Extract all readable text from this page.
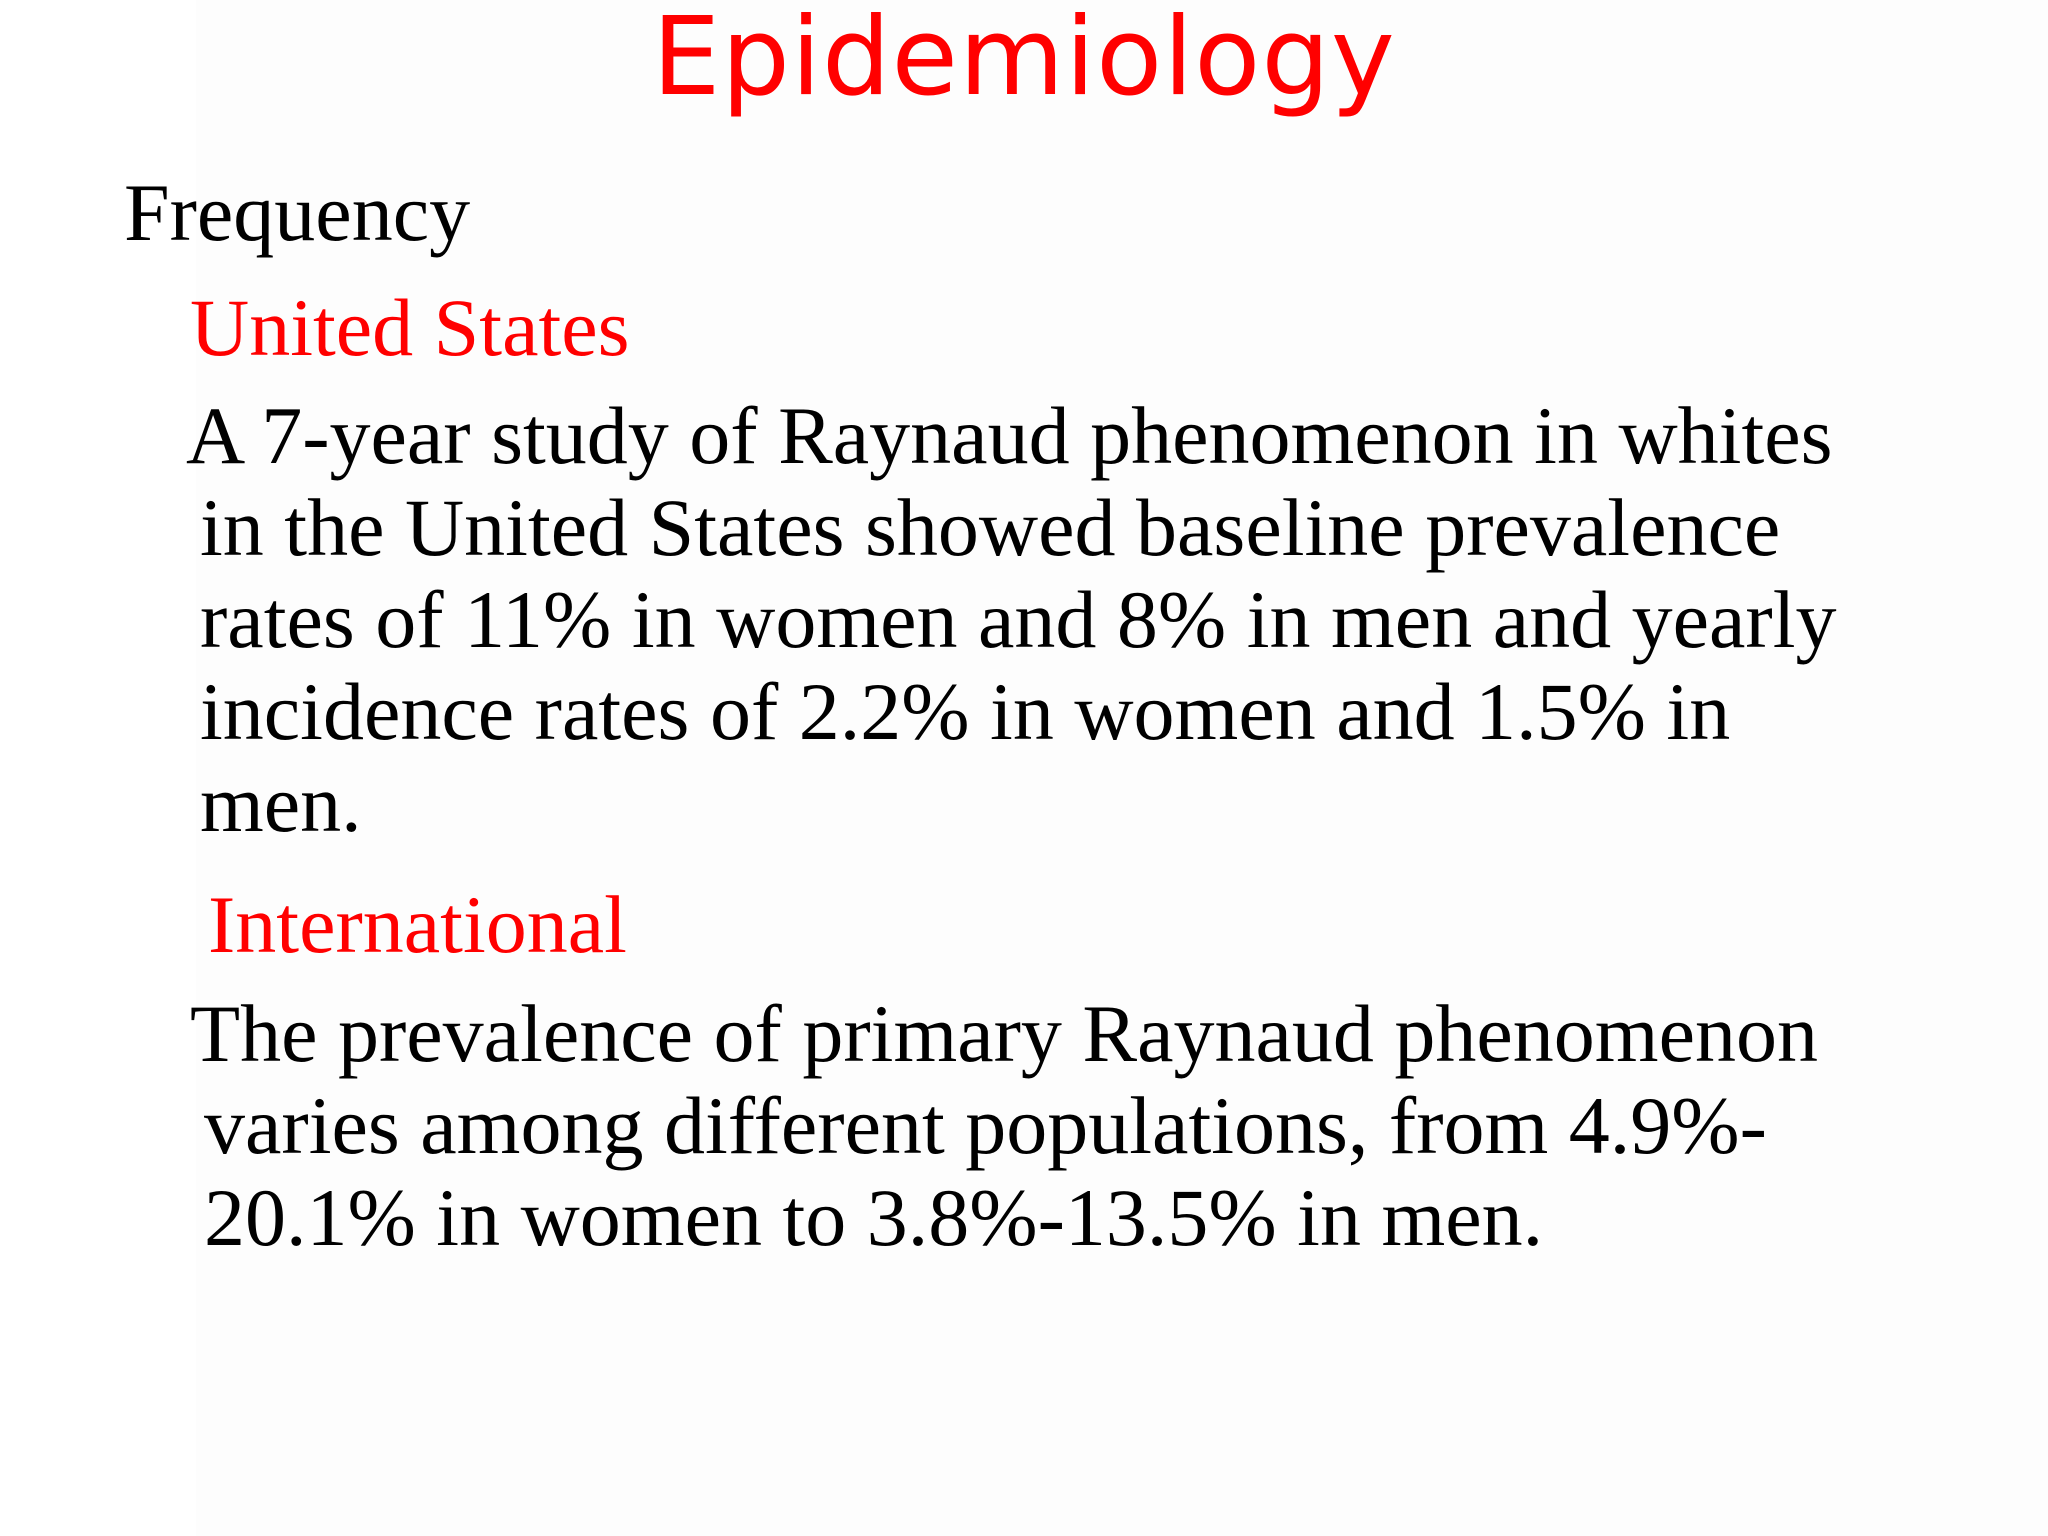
Epidemiology

Frequency

United States

A 7-year study of Raynaud phenomenon in whites
in the United States showed baseline prevalence
rates of 11% in women and 8% in men and yearly
incidence rates of 2.2% in women and 1.5% in
men.

International

The prevalence of primary Raynaud phenomenon
varies among different populations, from 4.9%-
20.1% in women to 3.8%-13.5% in men.
